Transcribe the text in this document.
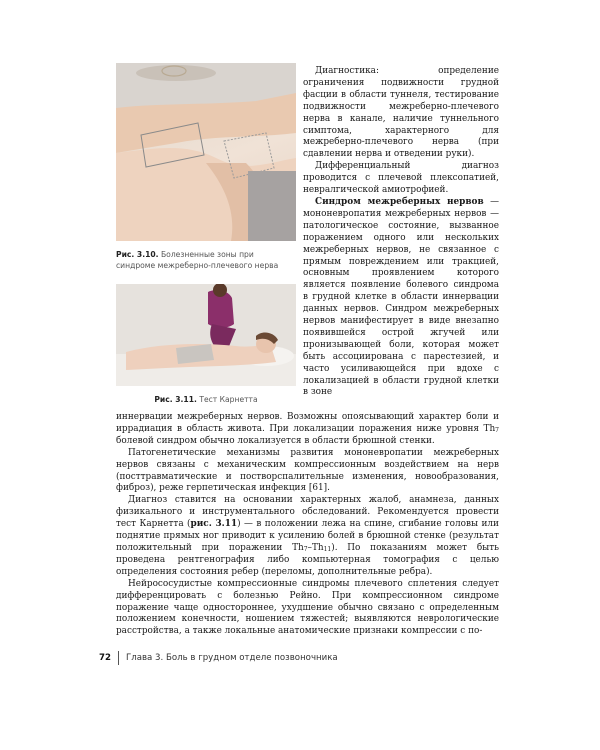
Рис. 3.10. Болезненные зоны при синдроме межреберно-плечевого нерва
Рис. 3.11. Тест Карнетта

Диагностика: определение ограничения подвижности грудной фасции в области туннеля, тестирование подвижности межреберно-плечевого нерва в канале, наличие туннельного симптома, характерного для межреберно-плечевого нерва (при сдавлении нерва и отведении руки).

Дифференциальный диагноз проводится с плечевой плексопатией, невралгической амиотрофией.

Синдром межреберных нервов — мононевропатия межреберных нервов — патологическое состояние, вызванное поражением одного или нескольких межреберных нервов, не связанное с прямым повреждением или тракцией, основным проявлением которого является появление болевого синдрома в грудной клетке в области иннервации данных нервов. Синдром межреберных нервов манифестирует в виде внезапно появившейся острой жгучей или пронизывающей боли, которая может быть ассоциирована с парестезией, и часто усиливающейся при вдохе с локализацией в области грудной клетки в зоне

иннервации межреберных нервов. Возможны опоясывающий характер боли и иррадиация в область живота. При локализации поражения ниже уровня $Th_7$ болевой синдром обычно локализуется в области брюшной стенки.

Патогенетические механизмы развития мононевропатии межреберных нервов связаны с механическим компрессионным воздействием на нерв (посттравматические и постворспалительные изменения, новообразования, фиброз), реже герпетическая инфекция [61].

Диагноз ставится на основании характерных жалоб, анамнеза, данных физикального и инструментального обследований. Рекомендуется провести тест Карнетта (рис. 3.11) — в положении лежа на спине, сгибание головы или поднятие прямых ног приводит к усилению болей в брюшной стенке (результат положительный при поражении $Th_7-Th_{11}$). По показаниям может быть проведена рентгенография либо компьютерная томография с целью определения состояния ребер (переломы, дополнительные ребра).

Нейрососудистые компрессионные синдромы плечевого сплетения следует дифференцировать с болезнью Рейно. При компрессионном синдроме поражение чаще одностороннее, ухудшение обычно связано с определенным положением конечности, ношением тяжестей; выявляются неврологические расстройства, а также локальные анатомические признаки компрессии с по-

72 Глава 3. Боль в грудном отделе позвоночника
